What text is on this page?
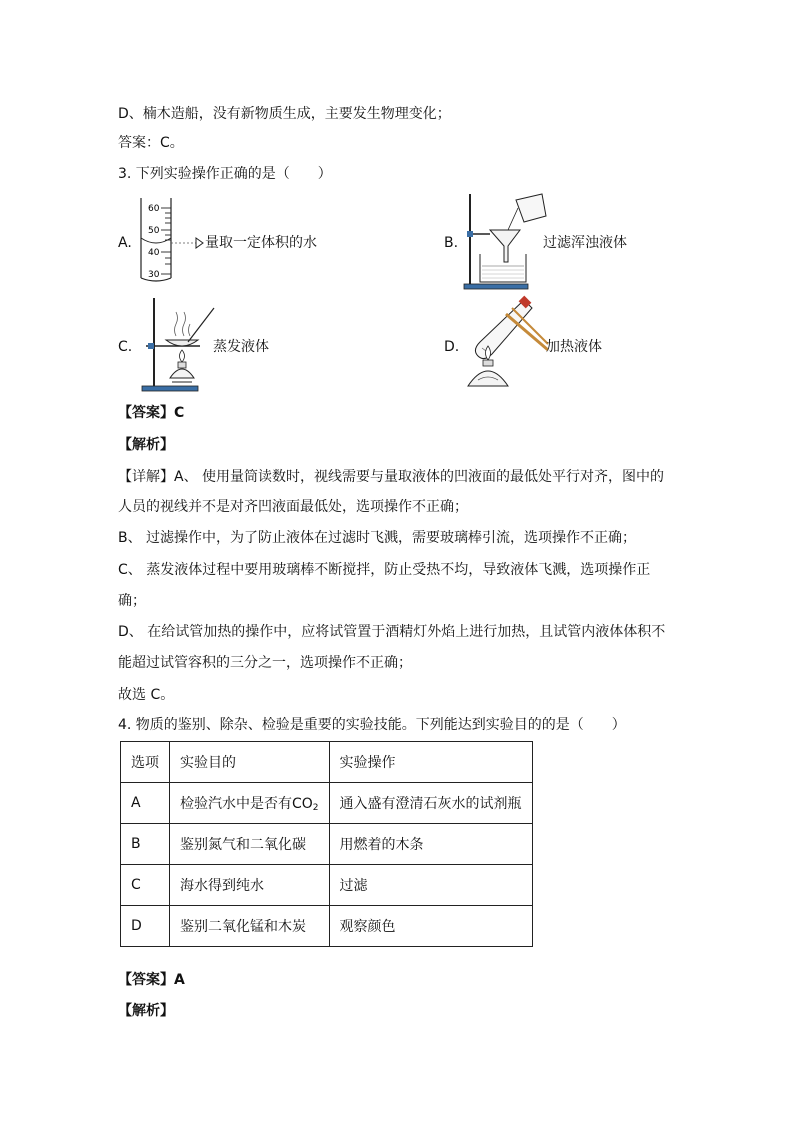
D、楠木造船，没有新物质生成，主要发生物理变化；
答案：C。
3. 下列实验操作正确的是（　　）
A.
60
50
40
30
量取一定体积的水	B.	过滤浑浊液体
C.	蒸发液体	D.	加热液体
【答案】C
【解析】
【详解】A、 使用量筒读数时，视线需要与量取液体的凹液面的最低处平行对齐，图中的
人员的视线并不是对齐凹液面最低处，选项操作不正确；
B、 过滤操作中，为了防止液体在过滤时飞溅，需要玻璃棒引流，选项操作不正确；
C、 蒸发液体过程中要用玻璃棒不断搅拌，防止受热不均，导致液体飞溅，选项操作正
确；
D、 在给试管加热的操作中，应将试管置于酒精灯外焰上进行加热，且试管内液体体积不
能超过试管容积的三分之一，选项操作不正确；
故选 C。
4. 物质的鉴别、除杂、检验是重要的实验技能。下列能达到实验目的的是（　　）
选项	实验目的	实验操作
A	检验汽水中是否有$CO_2$	通入盛有澄清石灰水的试剂瓶
B	鉴别氮气和二氧化碳	用燃着的木条
C	海水得到纯水	过滤
D	鉴别二氧化锰和木炭	观察颜色
【答案】A
【解析】
